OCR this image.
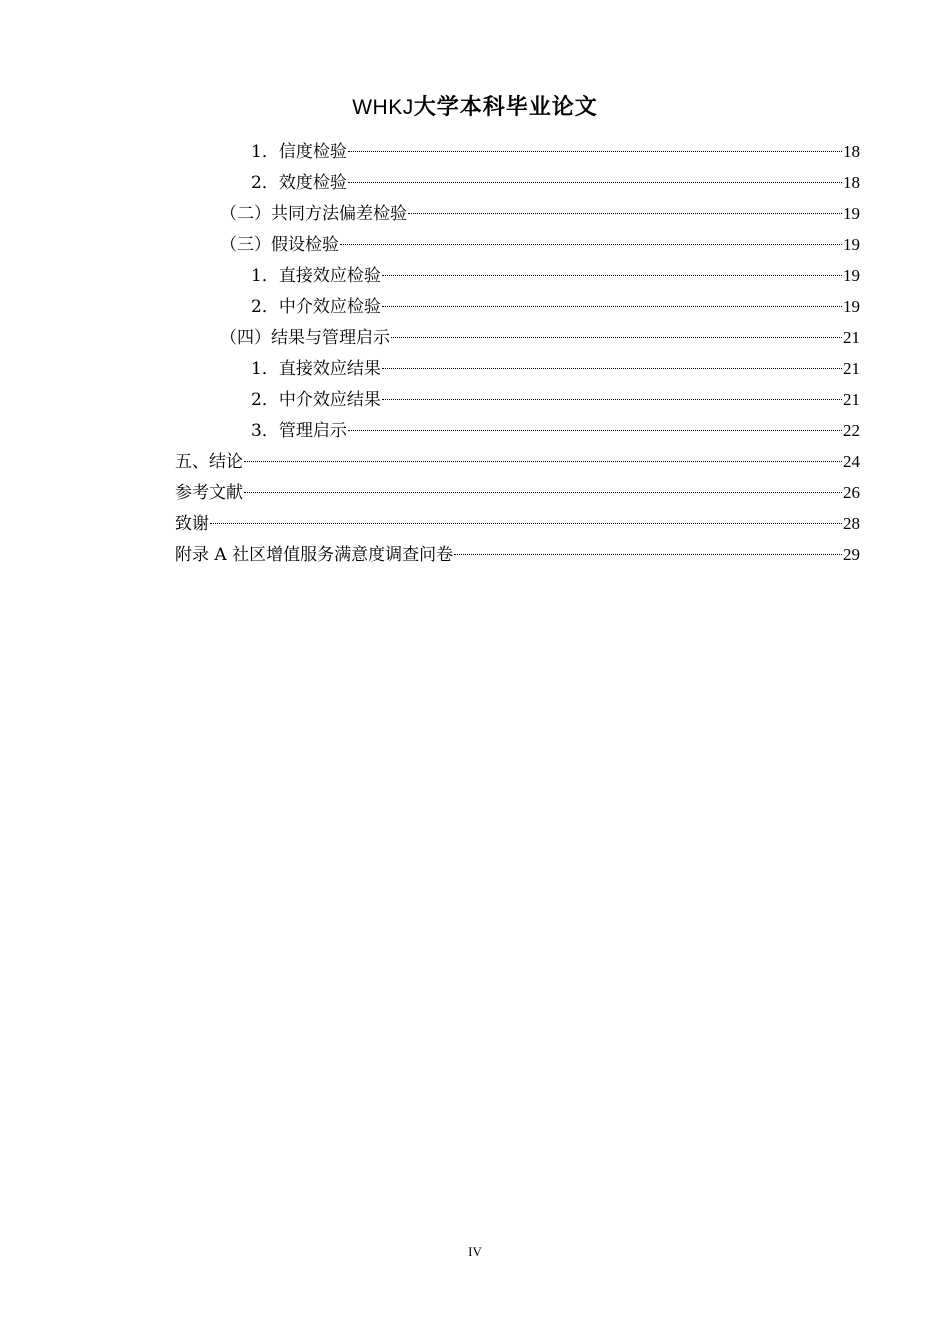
WHKJ大学本科毕业论文
1．信度检验	18
2．效度检验	18
（二）共同方法偏差检验	19
（三）假设检验	19
1．直接效应检验	19
2．中介效应检验	19
（四）结果与管理启示	21
1．直接效应结果	21
2．中介效应结果	21
3．管理启示	22
五、结论	24
参考文献	26
致谢	28
附录 A 社区增值服务满意度调查问卷	29
IV
